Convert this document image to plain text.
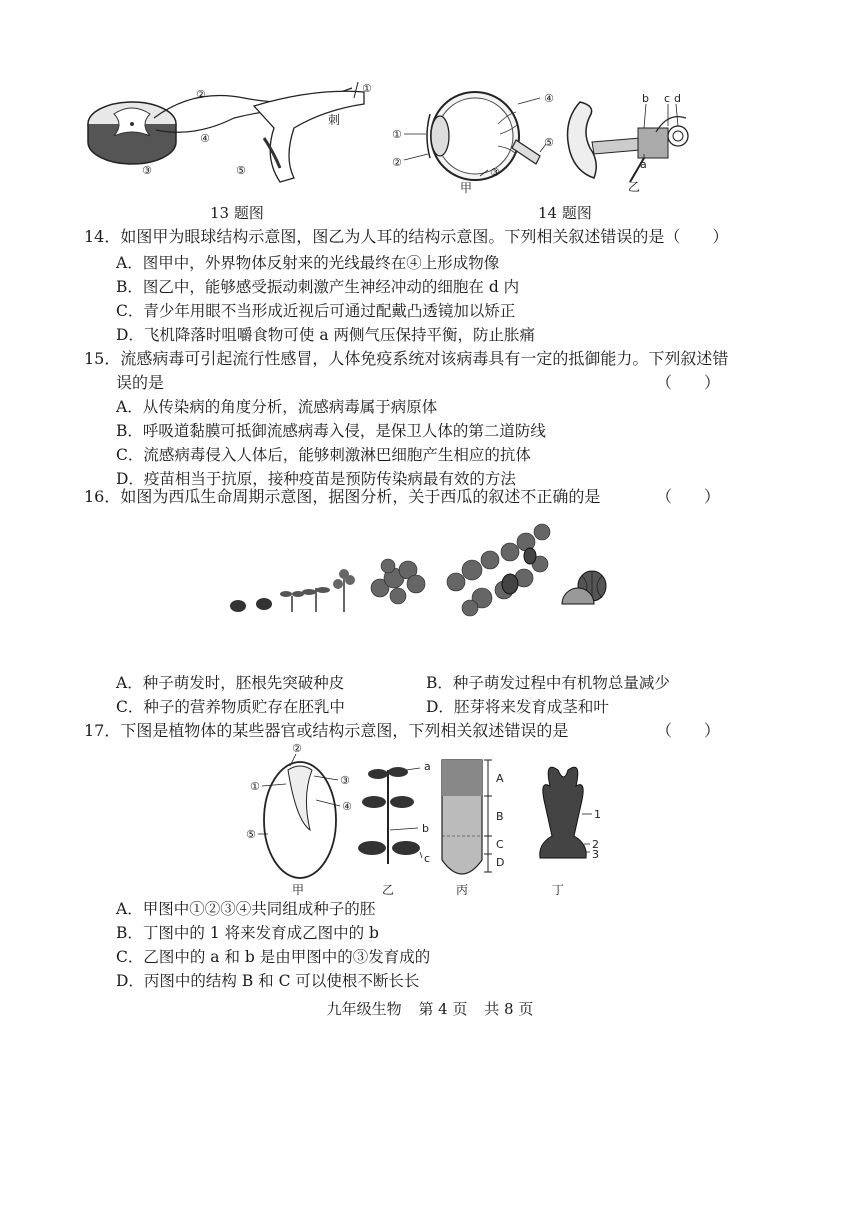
①
②
③
④
⑤
刺
13 题图
①
②
③
④
⑤
甲
b c d
a
乙
14 题图
14．如图甲为眼球结构示意图，图乙为人耳的结构示意图。下列相关叙述错误的是（　　）
A．图甲中，外界物体反射来的光线最终在④上形成物像
B．图乙中，能够感受振动刺激产生神经冲动的细胞在 d 内
C．青少年用眼不当形成近视后可通过配戴凸透镜加以矫正
D．飞机降落时咀嚼食物可使 a 两侧气压保持平衡，防止胀痛
15．流感病毒可引起流行性感冒，人体免疫系统对该病毒具有一定的抵御能力。下列叙述错
误的是	（　　）
A．从传染病的角度分析，流感病毒属于病原体
B．呼吸道黏膜可抵御流感病毒入侵，是保卫人体的第二道防线
C．流感病毒侵入人体后，能够刺激淋巴细胞产生相应的抗体
D．疫苗相当于抗原，接种疫苗是预防传染病最有效的方法
16．如图为西瓜生命周期示意图，据图分析，关于西瓜的叙述不正确的是	（　　）
A．种子萌发时，胚根先突破种皮	B．种子萌发过程中有机物总量减少
C．种子的营养物质贮存在胚乳中	D．胚芽将来发育成茎和叶
17．下图是植物体的某些器官或结构示意图，下列相关叙述错误的是	（　　）
①
②
③
④
⑤
甲
a
b
c
乙
A
B
C
D
丙
1
2
3
丁
A．甲图中①②③④共同组成种子的胚
B．丁图中的 1 将来发育成乙图中的 b
C．乙图中的 a 和 b 是由甲图中的③发育成的
D．丙图中的结构 B 和 C 可以使根不断长长
九年级生物 第 4 页 共 8 页
